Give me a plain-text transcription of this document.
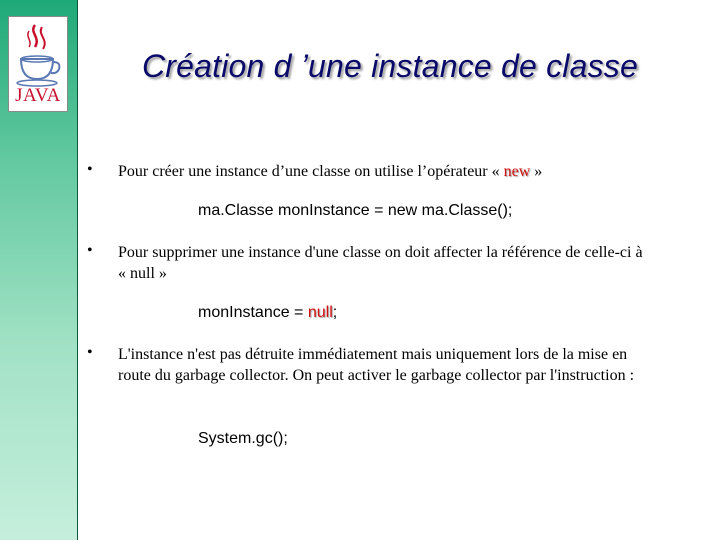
JAVA
Création d ’une instance de classe
• Pour créer une instance d’une classe on utilise l’opérateur « new »
ma.Classe monInstance = new ma.Classe();
• Pour supprimer une instance d'une classe on doit affecter la référence de celle-ci à « null »
monInstance = null;
• L'instance n'est pas détruite immédiatement mais uniquement lors de la mise en route du garbage collector. On peut activer le garbage collector par l'instruction :
System.gc();
